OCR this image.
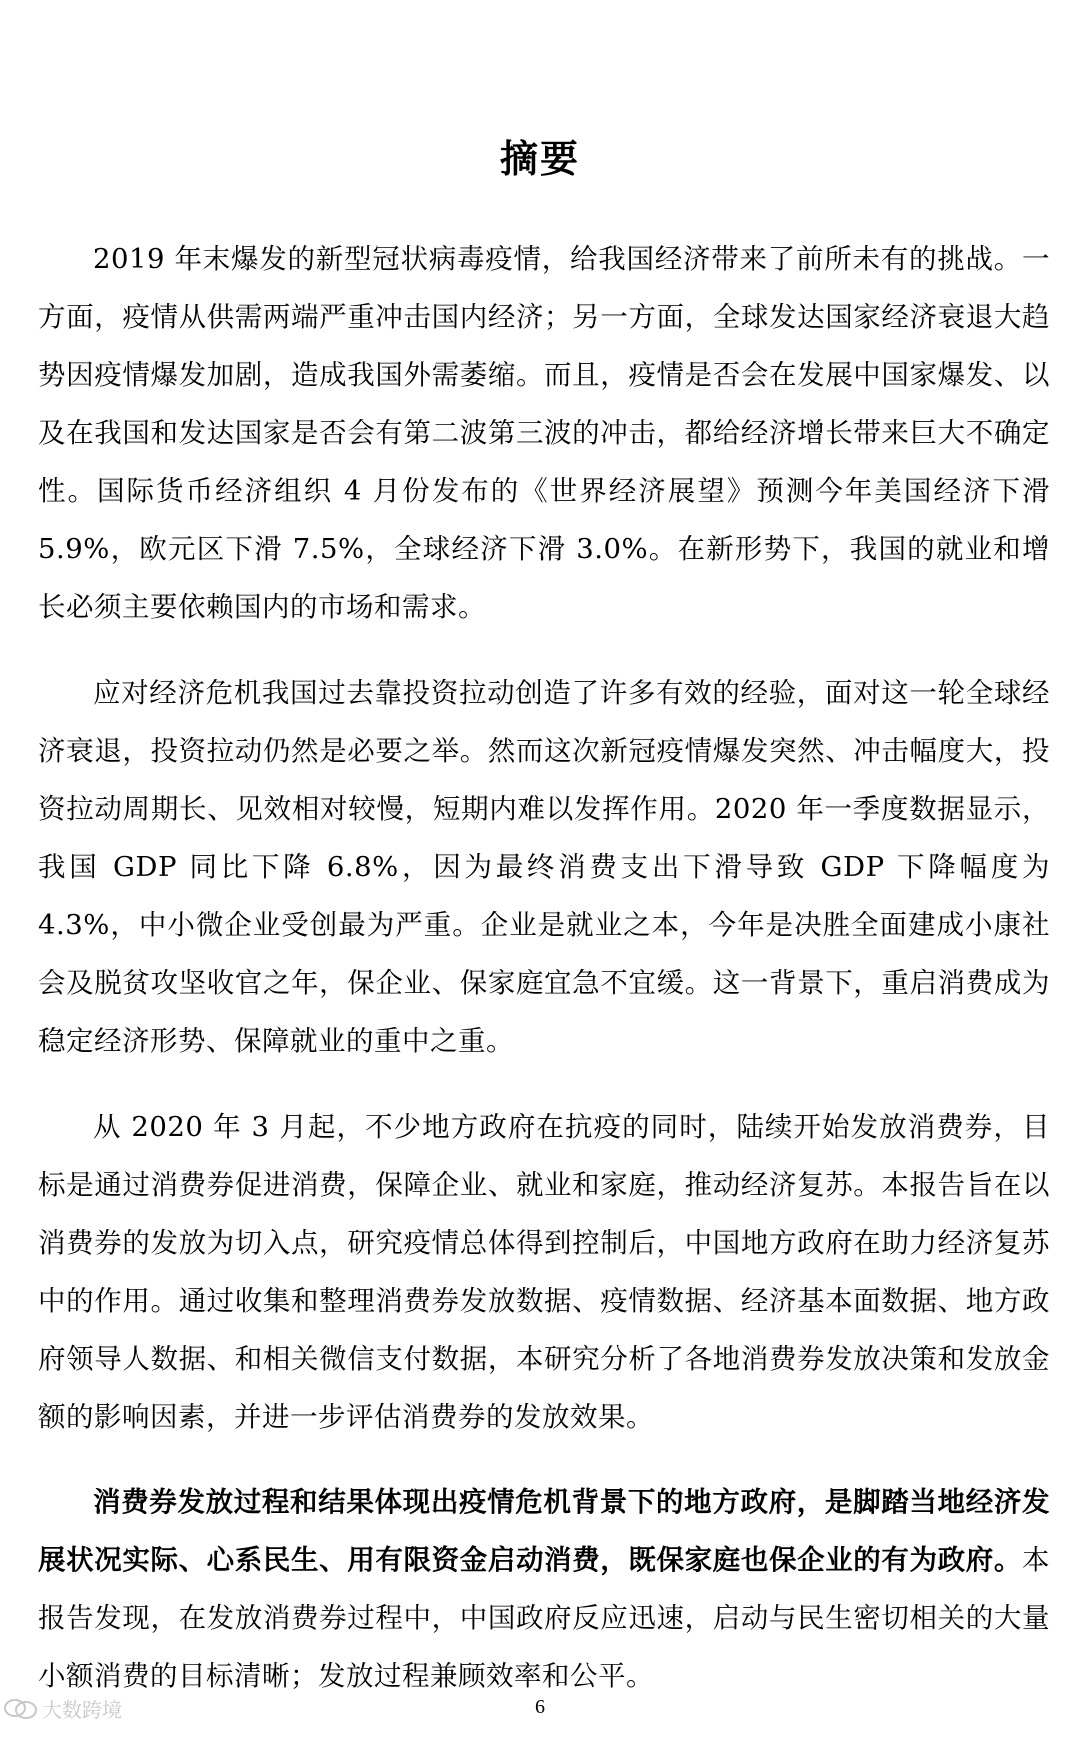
摘要

2019 年末爆发的新型冠状病毒疫情，给我国经济带来了前所未有的挑战。一方面，疫情从供需两端严重冲击国内经济；另一方面，全球发达国家经济衰退大趋势因疫情爆发加剧，造成我国外需萎缩。而且，疫情是否会在发展中国家爆发、以及在我国和发达国家是否会有第二波第三波的冲击，都给经济增长带来巨大不确定性。国际货币经济组织 4 月份发布的《世界经济展望》预测今年美国经济下滑 5.9%，欧元区下滑 7.5%，全球经济下滑 3.0%。在新形势下，我国的就业和增长必须主要依赖国内的市场和需求。

应对经济危机我国过去靠投资拉动创造了许多有效的经验，面对这一轮全球经济衰退，投资拉动仍然是必要之举。然而这次新冠疫情爆发突然、冲击幅度大，投资拉动周期长、见效相对较慢，短期内难以发挥作用。2020 年一季度数据显示，我国 GDP 同比下降 6.8%，因为最终消费支出下滑导致 GDP 下降幅度为 4.3%，中小微企业受创最为严重。企业是就业之本，今年是决胜全面建成小康社会及脱贫攻坚收官之年，保企业、保家庭宜急不宜缓。这一背景下，重启消费成为稳定经济形势、保障就业的重中之重。

从 2020 年 3 月起，不少地方政府在抗疫的同时，陆续开始发放消费券，目标是通过消费券促进消费，保障企业、就业和家庭，推动经济复苏。本报告旨在以消费券的发放为切入点，研究疫情总体得到控制后，中国地方政府在助力经济复苏中的作用。通过收集和整理消费券发放数据、疫情数据、经济基本面数据、地方政府领导人数据、和相关微信支付数据，本研究分析了各地消费券发放决策和发放金额的影响因素，并进一步评估消费券的发放效果。

消费券发放过程和结果体现出疫情危机背景下的地方政府，是脚踏当地经济发展状况实际、心系民生、用有限资金启动消费，既保家庭也保企业的有为政府。本报告发现，在发放消费券过程中，中国政府反应迅速，启动与民生密切相关的大量小额消费的目标清晰；发放过程兼顾效率和公平。

6
大数跨境
